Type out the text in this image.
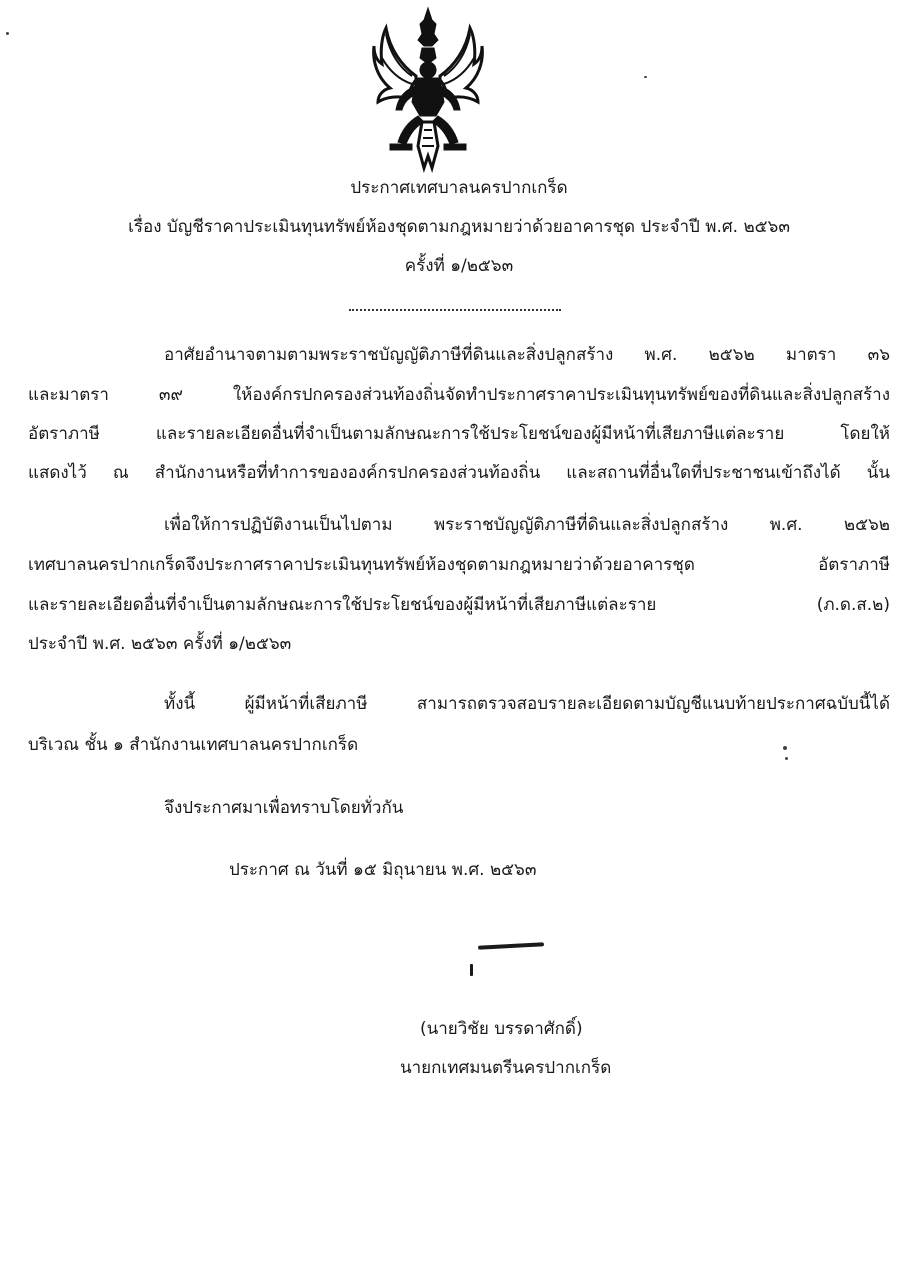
ประกาศเทศบาลนครปากเกร็ด
เรื่อง บัญชีราคาประเมินทุนทรัพย์ห้องชุดตามกฎหมายว่าด้วยอาคารชุด ประจำปี พ.ศ. ๒๕๖๓
ครั้งที่ ๑/๒๕๖๓
อาศัยอำนาจตามตามพระราชบัญญัติภาษีที่ดินและสิ่งปลูกสร้าง พ.ศ. ๒๕๖๒ มาตรา ๓๖
และมาตรา ๓๙ ให้องค์กรปกครองส่วนท้องถิ่นจัดทำประกาศราคาประเมินทุนทรัพย์ของที่ดินและสิ่งปลูกสร้าง
อัตราภาษี และรายละเอียดอื่นที่จำเป็นตามลักษณะการใช้ประโยชน์ของผู้มีหน้าที่เสียภาษีแต่ละราย โดยให้
แสดงไว้ ณ สำนักงานหรือที่ทำการขององค์กรปกครองส่วนท้องถิ่น และสถานที่อื่นใดที่ประชาชนเข้าถึงได้ นั้น
เพื่อให้การปฏิบัติงานเป็นไปตาม พระราชบัญญัติภาษีที่ดินและสิ่งปลูกสร้าง พ.ศ. ๒๕๖๒
เทศบาลนครปากเกร็ดจึงประกาศราคาประเมินทุนทรัพย์ห้องชุดตามกฎหมายว่าด้วยอาคารชุด อัตราภาษี
และรายละเอียดอื่นที่จำเป็นตามลักษณะการใช้ประโยชน์ของผู้มีหน้าที่เสียภาษีแต่ละราย (ภ.ด.ส.๒)
ประจำปี พ.ศ. ๒๕๖๓ ครั้งที่ ๑/๒๕๖๓
ทั้งนี้ ผู้มีหน้าที่เสียภาษี สามารถตรวจสอบรายละเอียดตามบัญชีแนบท้ายประกาศฉบับนี้ได้
บริเวณ ชั้น ๑ สำนักงานเทศบาลนครปากเกร็ด
จึงประกาศมาเพื่อทราบโดยทั่วกัน
ประกาศ ณ วันที่ ๑๕ มิถุนายน พ.ศ. ๒๕๖๓
(นายวิชัย บรรดาศักดิ์)
นายกเทศมนตรีนครปากเกร็ด
